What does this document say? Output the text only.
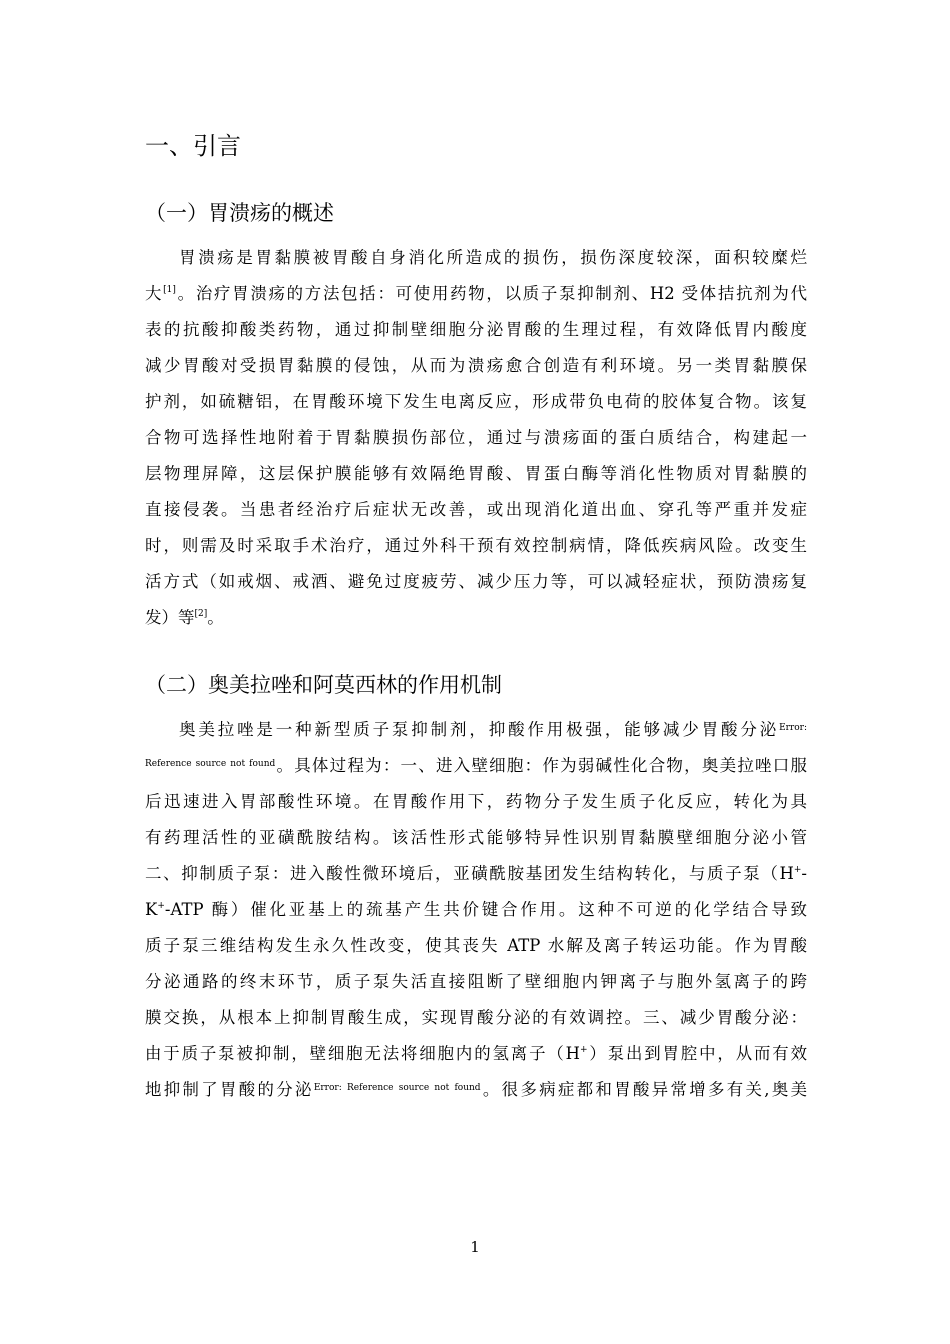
一、引言
（一）胃溃疡的概述
胃溃疡是胃黏膜被胃酸自身消化所造成的损伤，损伤深度较深，面积较糜烂
大[1]。治疗胃溃疡的方法包括：可使用药物，以质子泵抑制剂、H2 受体拮抗剂为代
表的抗酸抑酸类药物，通过抑制壁细胞分泌胃酸的生理过程，有效降低胃内酸度
减少胃酸对受损胃黏膜的侵蚀，从而为溃疡愈合创造有利环境。另一类胃黏膜保
护剂，如硫糖铝，在胃酸环境下发生电离反应，形成带负电荷的胶体复合物。该复
合物可选择性地附着于胃黏膜损伤部位，通过与溃疡面的蛋白质结合，构建起一
层物理屏障，这层保护膜能够有效隔绝胃酸、胃蛋白酶等消化性物质对胃黏膜的
直接侵袭。当患者经治疗后症状无改善，或出现消化道出血、穿孔等严重并发症
时，则需及时采取手术治疗，通过外科干预有效控制病情，降低疾病风险。改变生
活方式（如戒烟、戒酒、避免过度疲劳、减少压力等，可以减轻症状，预防溃疡复
发）等[2]。
（二）奥美拉唑和阿莫西林的作用机制
奥美拉唑是一种新型质子泵抑制剂，抑酸作用极强，能够减少胃酸分泌$^{Error:}$
$^{Reference source not found}$。具体过程为：一、进入壁细胞：作为弱碱性化合物，奥美拉唑口服
后迅速进入胃部酸性环境。在胃酸作用下，药物分子发生质子化反应，转化为具
有药理活性的亚磺酰胺结构。该活性形式能够特异性识别胃黏膜壁细胞分泌小管
二、抑制质子泵：进入酸性微环境后，亚磺酰胺基团发生结构转化，与质子泵（H+-
K+-ATP 酶）催化亚基上的巯基产生共价键合作用。这种不可逆的化学结合导致
质子泵三维结构发生永久性改变，使其丧失 ATP 水解及离子转运功能。作为胃酸
分泌通路的终末环节，质子泵失活直接阻断了壁细胞内钾离子与胞外氢离子的跨
膜交换，从根本上抑制胃酸生成，实现胃酸分泌的有效调控。三、减少胃酸分泌：
由于质子泵被抑制，壁细胞无法将细胞内的氢离子（H+）泵出到胃腔中，从而有效
地抑制了胃酸的分泌$^{Error: Reference source not found}$。很多病症都和胃酸异常增多有关,奥美
1
